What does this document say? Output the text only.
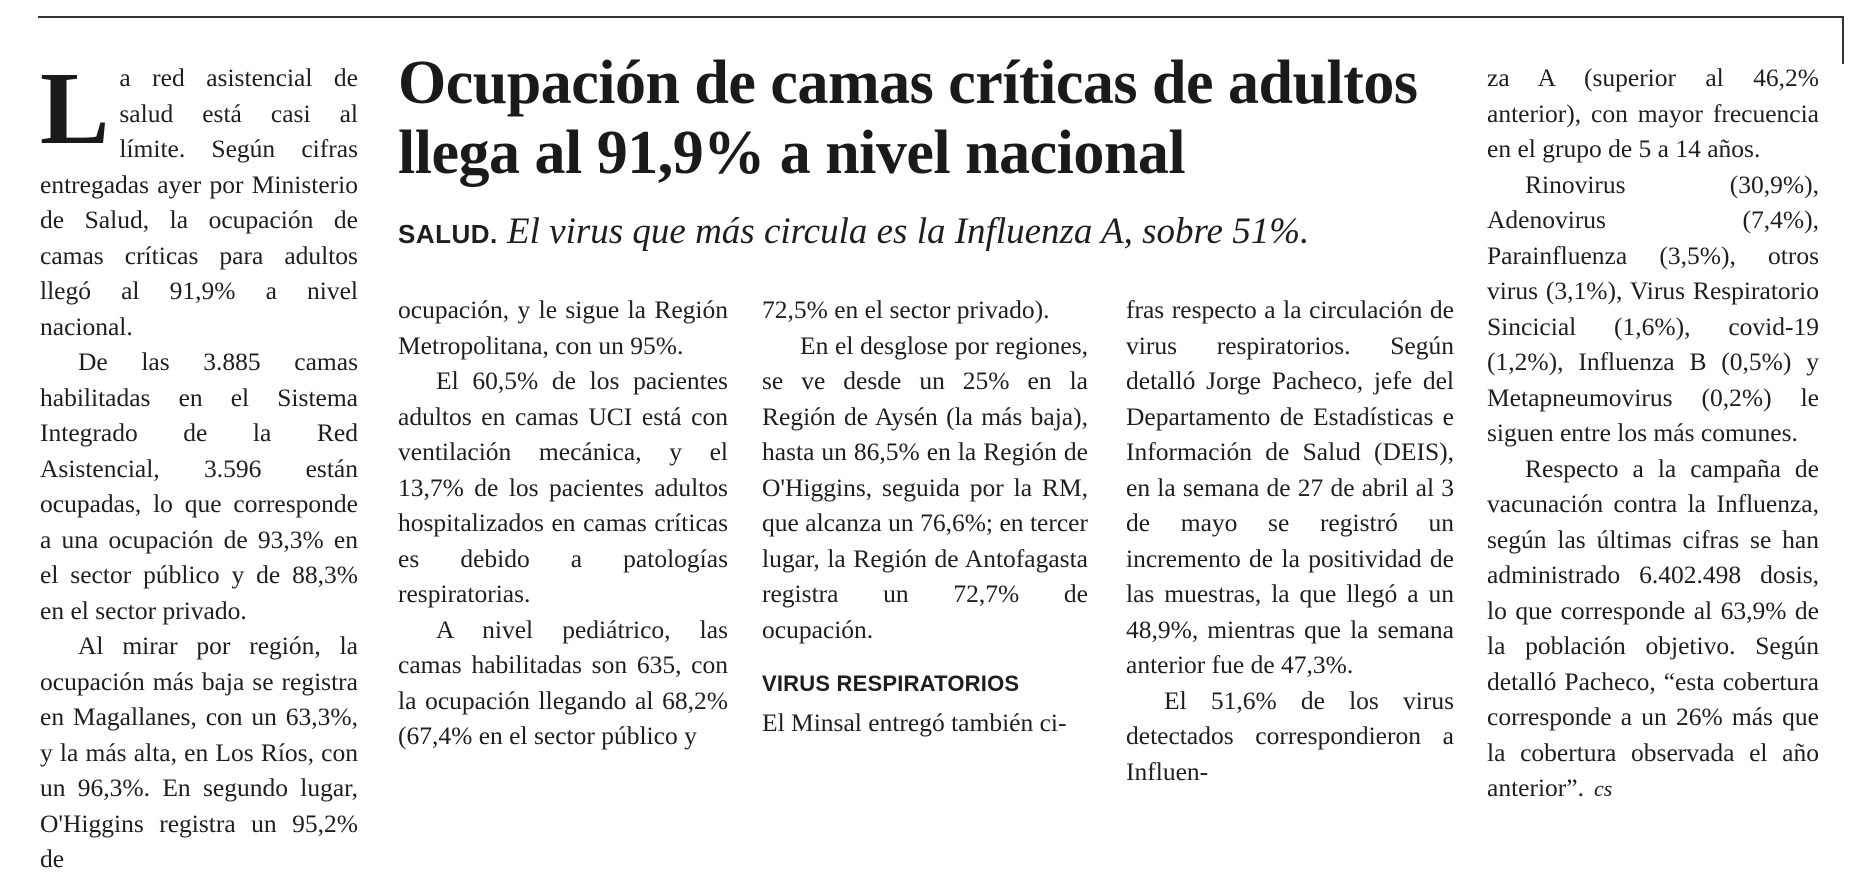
Ocupación de camas críticas de adultos llega al 91,9% a nivel nacional

SALUD. El virus que más circula es la Influenza A, sobre 51%.

La red asistencial de salud está casi al límite. Según cifras entregadas ayer por Ministerio de Salud, la ocupación de camas críticas para adultos llegó al 91,9% a nivel nacional.

De las 3.885 camas habilitadas en el Sistema Integrado de la Red Asistencial, 3.596 están ocupadas, lo que corresponde a una ocupación de 93,3% en el sector público y de 88,3% en el sector privado.

Al mirar por región, la ocupación más baja se registra en Magallanes, con un 63,3%, y la más alta, en Los Ríos, con un 96,3%. En segundo lugar, O'Higgins registra un 95,2% de

ocupación, y le sigue la Región Metropolitana, con un 95%.

El 60,5% de los pacientes adultos en camas UCI está con ventilación mecánica, y el 13,7% de los pacientes adultos hospitalizados en camas críticas es debido a patologías respiratorias.

A nivel pediátrico, las camas habilitadas son 635, con la ocupación llegando al 68,2% (67,4% en el sector público y

72,5% en el sector privado).

En el desglose por regiones, se ve desde un 25% en la Región de Aysén (la más baja), hasta un 86,5% en la Región de O'Higgins, seguida por la RM, que alcanza un 76,6%; en tercer lugar, la Región de Antofagasta registra un 72,7% de ocupación.

VIRUS RESPIRATORIOS

El Minsal entregó también ci-

fras respecto a la circulación de virus respiratorios. Según detalló Jorge Pacheco, jefe del Departamento de Estadísticas e Información de Salud (DEIS), en la semana de 27 de abril al 3 de mayo se registró un incremento de la positividad de las muestras, la que llegó a un 48,9%, mientras que la semana anterior fue de 47,3%.

El 51,6% de los virus detectados correspondieron a Influen-

za A (superior al 46,2% anterior), con mayor frecuencia en el grupo de 5 a 14 años.

Rinovirus (30,9%), Adenovirus (7,4%), Parainfluenza (3,5%), otros virus (3,1%), Virus Respiratorio Sincicial (1,6%), covid-19 (1,2%), Influenza B (0,5%) y Metapneumovirus (0,2%) le siguen entre los más comunes.

Respecto a la campaña de vacunación contra la Influenza, según las últimas cifras se han administrado 6.402.498 dosis, lo que corresponde al 63,9% de la población objetivo. Según detalló Pacheco, “esta cobertura corresponde a un 26% más que la cobertura observada el año anterior”. cs
